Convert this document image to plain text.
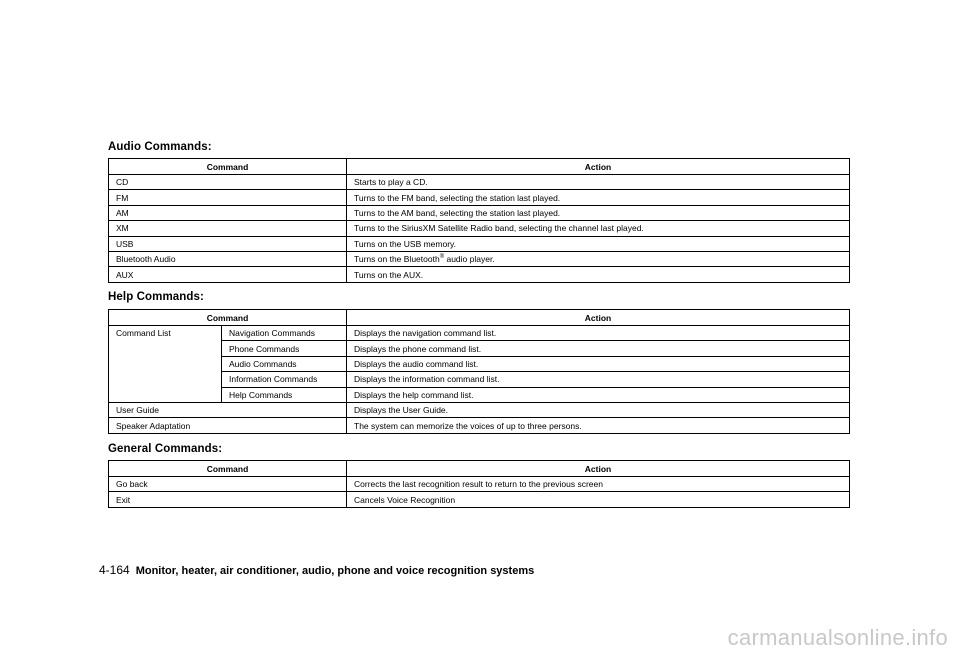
Audio Commands:
Command	Action
CD	Starts to play a CD.
FM	Turns to the FM band, selecting the station last played.
AM	Turns to the AM band, selecting the station last played.
XM	Turns to the SiriusXM Satellite Radio band, selecting the channel last played.
USB	Turns on the USB memory.
Bluetooth Audio	Turns on the Bluetooth® audio player.
AUX	Turns on the AUX.
Help Commands:
Command		Action
Command List	Navigation Commands	Displays the navigation command list.
	Phone Commands	Displays the phone command list.
	Audio Commands	Displays the audio command list.
	Information Commands	Displays the information command list.
	Help Commands	Displays the help command list.
User Guide		Displays the User Guide.
Speaker Adaptation		The system can memorize the voices of up to three persons.
General Commands:
Command	Action
Go back	Corrects the last recognition result to return to the previous screen
Exit	Cancels Voice Recognition
4-164 Monitor, heater, air conditioner, audio, phone and voice recognition systems
carmanualsonline.info
